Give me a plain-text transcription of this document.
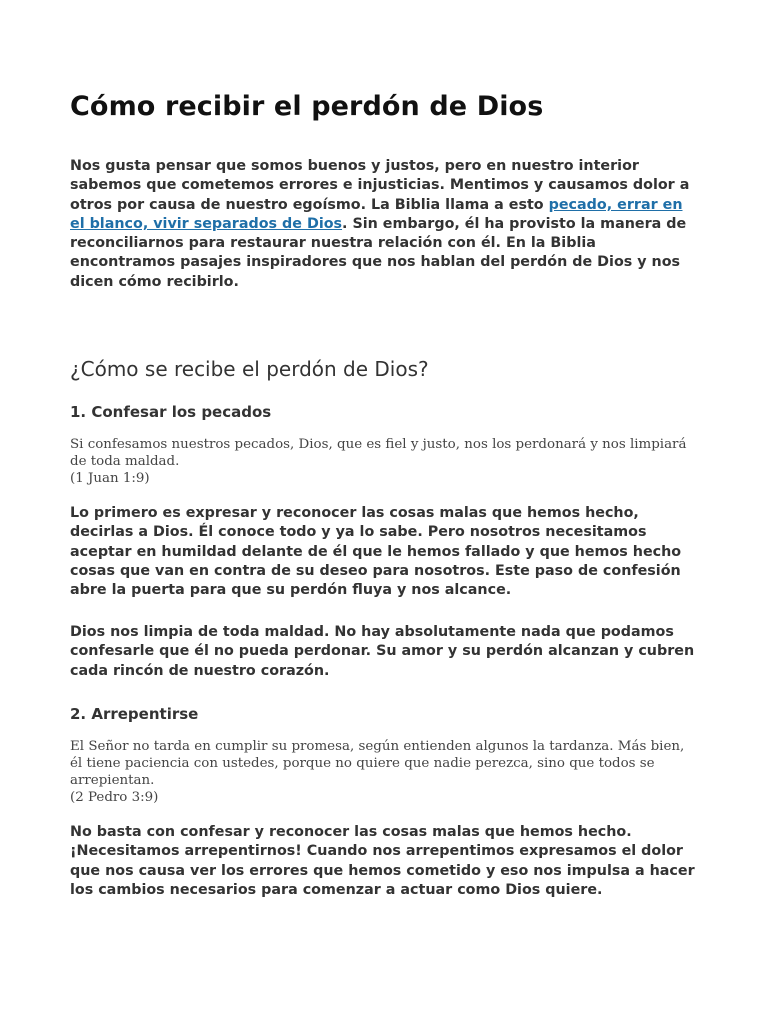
Cómo recibir el perdón de Dios

Nos gusta pensar que somos buenos y justos, pero en nuestro interior sabemos que cometemos errores e injusticias. Mentimos y causamos dolor a otros por causa de nuestro egoísmo. La Biblia llama a esto pecado, errar en el blanco, vivir separados de Dios. Sin embargo, él ha provisto la manera de reconciliarnos para restaurar nuestra relación con él. En la Biblia encontramos pasajes inspiradores que nos hablan del perdón de Dios y nos dicen cómo recibirlo.

¿Cómo se recibe el perdón de Dios?
1. Confesar los pecados
Si confesamos nuestros pecados, Dios, que es fiel y justo, nos los perdonará y nos limpiará de toda maldad.
(1 Juan 1:9)

Lo primero es expresar y reconocer las cosas malas que hemos hecho, decirlas a Dios. Él conoce todo y ya lo sabe. Pero nosotros necesitamos aceptar en humildad delante de él que le hemos fallado y que hemos hecho cosas que van en contra de su deseo para nosotros. Este paso de confesión abre la puerta para que su perdón fluya y nos alcance.

Dios nos limpia de toda maldad. No hay absolutamente nada que podamos confesarle que él no pueda perdonar. Su amor y su perdón alcanzan y cubren cada rincón de nuestro corazón.

2. Arrepentirse
El Señor no tarda en cumplir su promesa, según entienden algunos la tardanza. Más bien, él tiene paciencia con ustedes, porque no quiere que nadie perezca, sino que todos se arrepientan.
(2 Pedro 3:9)

No basta con confesar y reconocer las cosas malas que hemos hecho. ¡Necesitamos arrepentirnos! Cuando nos arrepentimos expresamos el dolor que nos causa ver los errores que hemos cometido y eso nos impulsa a hacer los cambios necesarios para comenzar a actuar como Dios quiere.
